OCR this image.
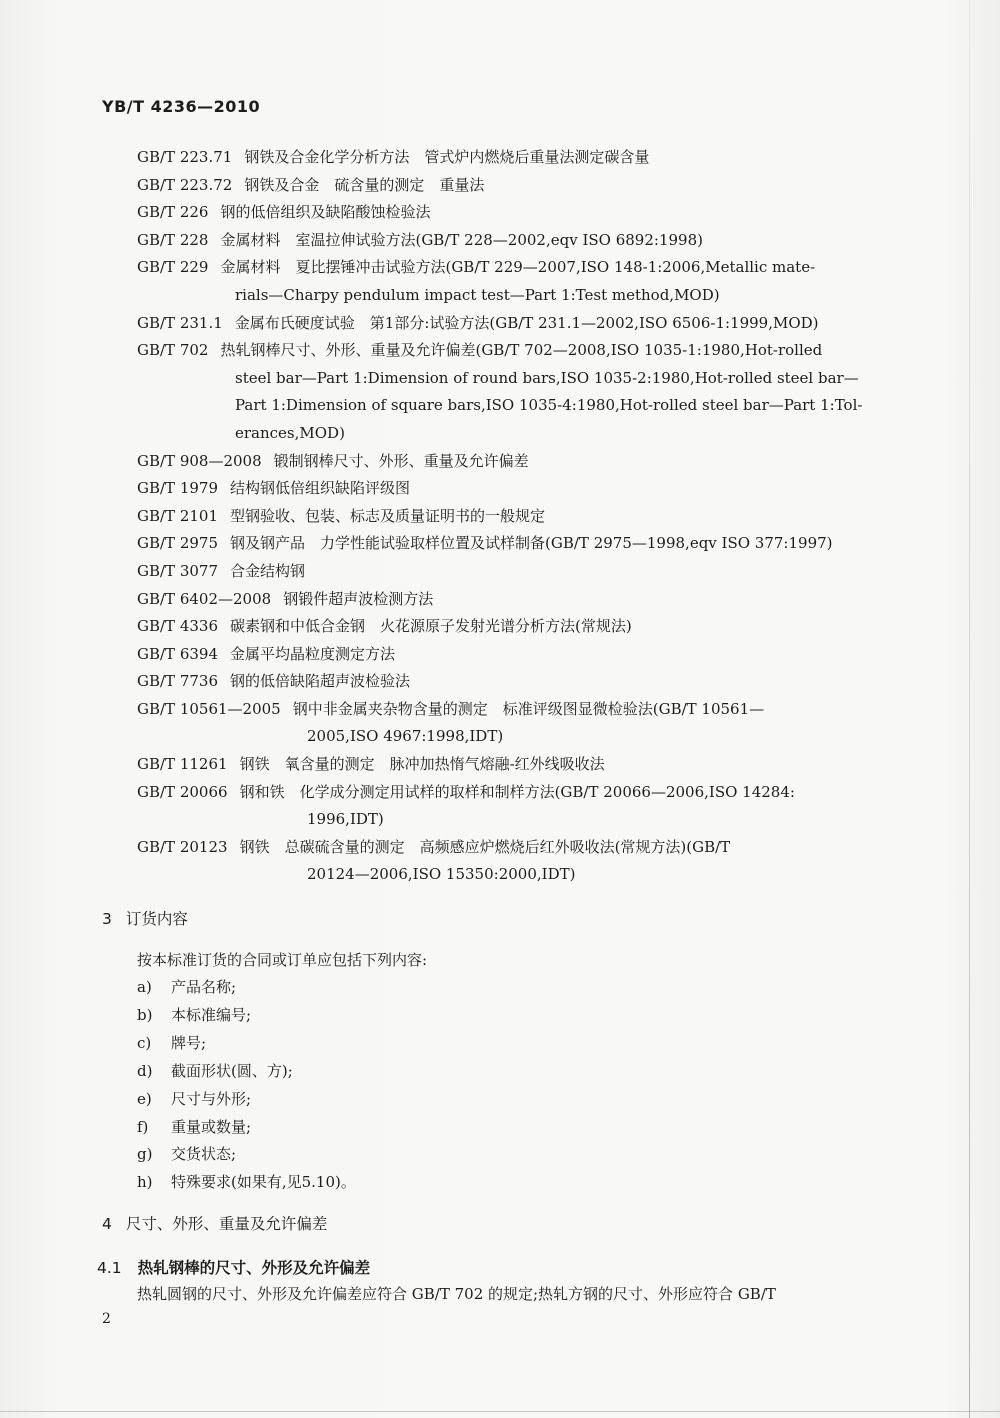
YB/T 4236—2010
GB/T 223.71 钢铁及合金化学分析方法　管式炉内燃烧后重量法测定碳含量
GB/T 223.72 钢铁及合金　硫含量的测定　重量法
GB/T 226 钢的低倍组织及缺陷酸蚀检验法
GB/T 228 金属材料　室温拉伸试验方法(GB/T 228—2002,eqv ISO 6892:1998)
GB/T 229 金属材料　夏比摆锤冲击试验方法(GB/T 229—2007,ISO 148-1:2006,Metallic mate-
rials—Charpy pendulum impact test—Part 1:Test method,MOD)
GB/T 231.1 金属布氏硬度试验　第1部分:试验方法(GB/T 231.1—2002,ISO 6506-1:1999,MOD)
GB/T 702 热轧钢棒尺寸、外形、重量及允许偏差(GB/T 702—2008,ISO 1035-1:1980,Hot-rolled
steel bar—Part 1:Dimension of round bars,ISO 1035-2:1980,Hot-rolled steel bar—
Part 1:Dimension of square bars,ISO 1035-4:1980,Hot-rolled steel bar—Part 1:Tol-
erances,MOD)
GB/T 908—2008 锻制钢棒尺寸、外形、重量及允许偏差
GB/T 1979 结构钢低倍组织缺陷评级图
GB/T 2101 型钢验收、包装、标志及质量证明书的一般规定
GB/T 2975 钢及钢产品　力学性能试验取样位置及试样制备(GB/T 2975—1998,eqv ISO 377:1997)
GB/T 3077 合金结构钢
GB/T 6402—2008 钢锻件超声波检测方法
GB/T 4336 碳素钢和中低合金钢　火花源原子发射光谱分析方法(常规法)
GB/T 6394 金属平均晶粒度测定方法
GB/T 7736 钢的低倍缺陷超声波检验法
GB/T 10561—2005 钢中非金属夹杂物含量的测定　标准评级图显微检验法(GB/T 10561—
2005,ISO 4967:1998,IDT)
GB/T 11261 钢铁　氧含量的测定　脉冲加热惰气熔融-红外线吸收法
GB/T 20066 钢和铁　化学成分测定用试样的取样和制样方法(GB/T 20066—2006,ISO 14284:
1996,IDT)
GB/T 20123 钢铁　总碳硫含量的测定　高频感应炉燃烧后红外吸收法(常规方法)(GB/T
20124—2006,ISO 15350:2000,IDT)
3 订货内容
按本标准订货的合同或订单应包括下列内容:
a) 产品名称;
b) 本标准编号;
c) 牌号;
d) 截面形状(圆、方);
e) 尺寸与外形;
f) 重量或数量;
g) 交货状态;
h) 特殊要求(如果有,见5.10)。
4 尺寸、外形、重量及允许偏差
4.1 热轧钢棒的尺寸、外形及允许偏差
热轧圆钢的尺寸、外形及允许偏差应符合 GB/T 702 的规定;热轧方钢的尺寸、外形应符合 GB/T
2
